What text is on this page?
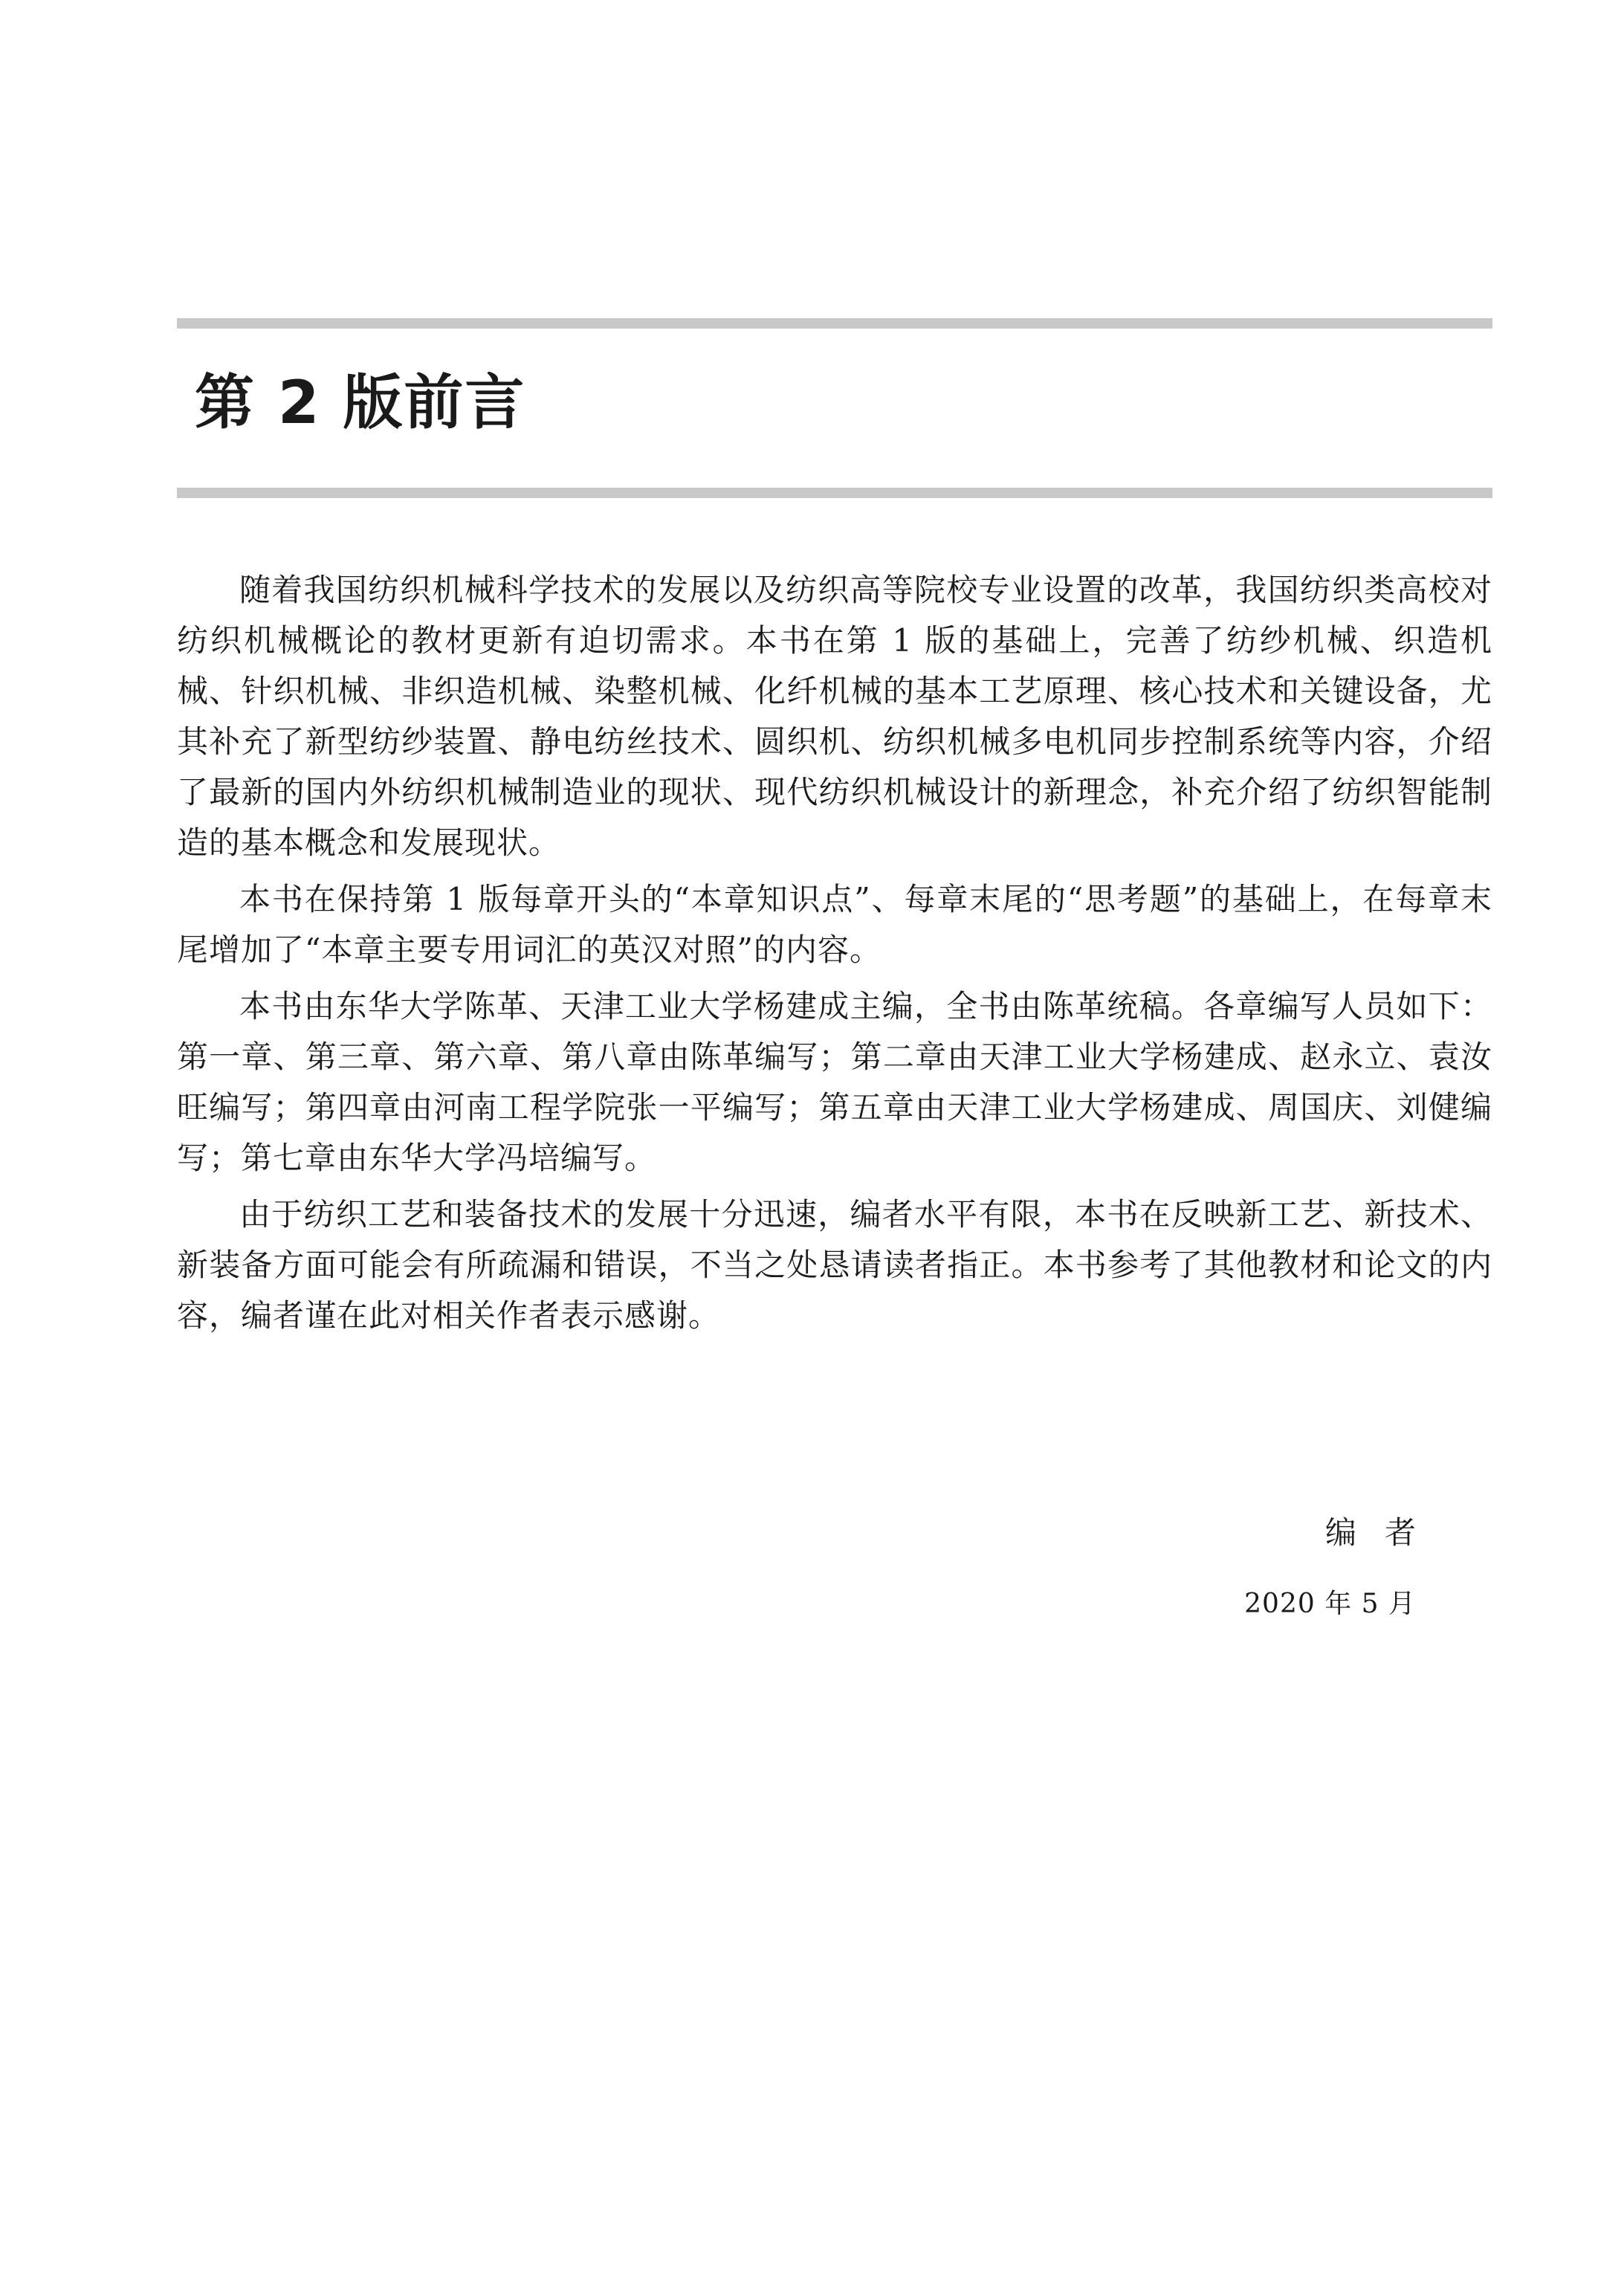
第 2 版前言

随着我国纺织机械科学技术的发展以及纺织高等院校专业设置的改革，我国纺织类高校对纺织机械概论的教材更新有迫切需求。本书在第 1 版的基础上，完善了纺纱机械、织造机械、针织机械、非织造机械、染整机械、化纤机械的基本工艺原理、核心技术和关键设备，尤其补充了新型纺纱装置、静电纺丝技术、圆织机、纺织机械多电机同步控制系统等内容，介绍了最新的国内外纺织机械制造业的现状、现代纺织机械设计的新理念，补充介绍了纺织智能制造的基本概念和发展现状。

本书在保持第 1 版每章开头的“本章知识点”、每章末尾的“思考题”的基础上，在每章末尾增加了“本章主要专用词汇的英汉对照”的内容。

本书由东华大学陈革、天津工业大学杨建成主编，全书由陈革统稿。各章编写人员如下：第一章、第三章、第六章、第八章由陈革编写；第二章由天津工业大学杨建成、赵永立、袁汝旺编写；第四章由河南工程学院张一平编写；第五章由天津工业大学杨建成、周国庆、刘健编写；第七章由东华大学冯培编写。

由于纺织工艺和装备技术的发展十分迅速，编者水平有限，本书在反映新工艺、新技术、新装备方面可能会有所疏漏和错误，不当之处恳请读者指正。本书参考了其他教材和论文的内容，编者谨在此对相关作者表示感谢。

编者
2020 年 5 月
